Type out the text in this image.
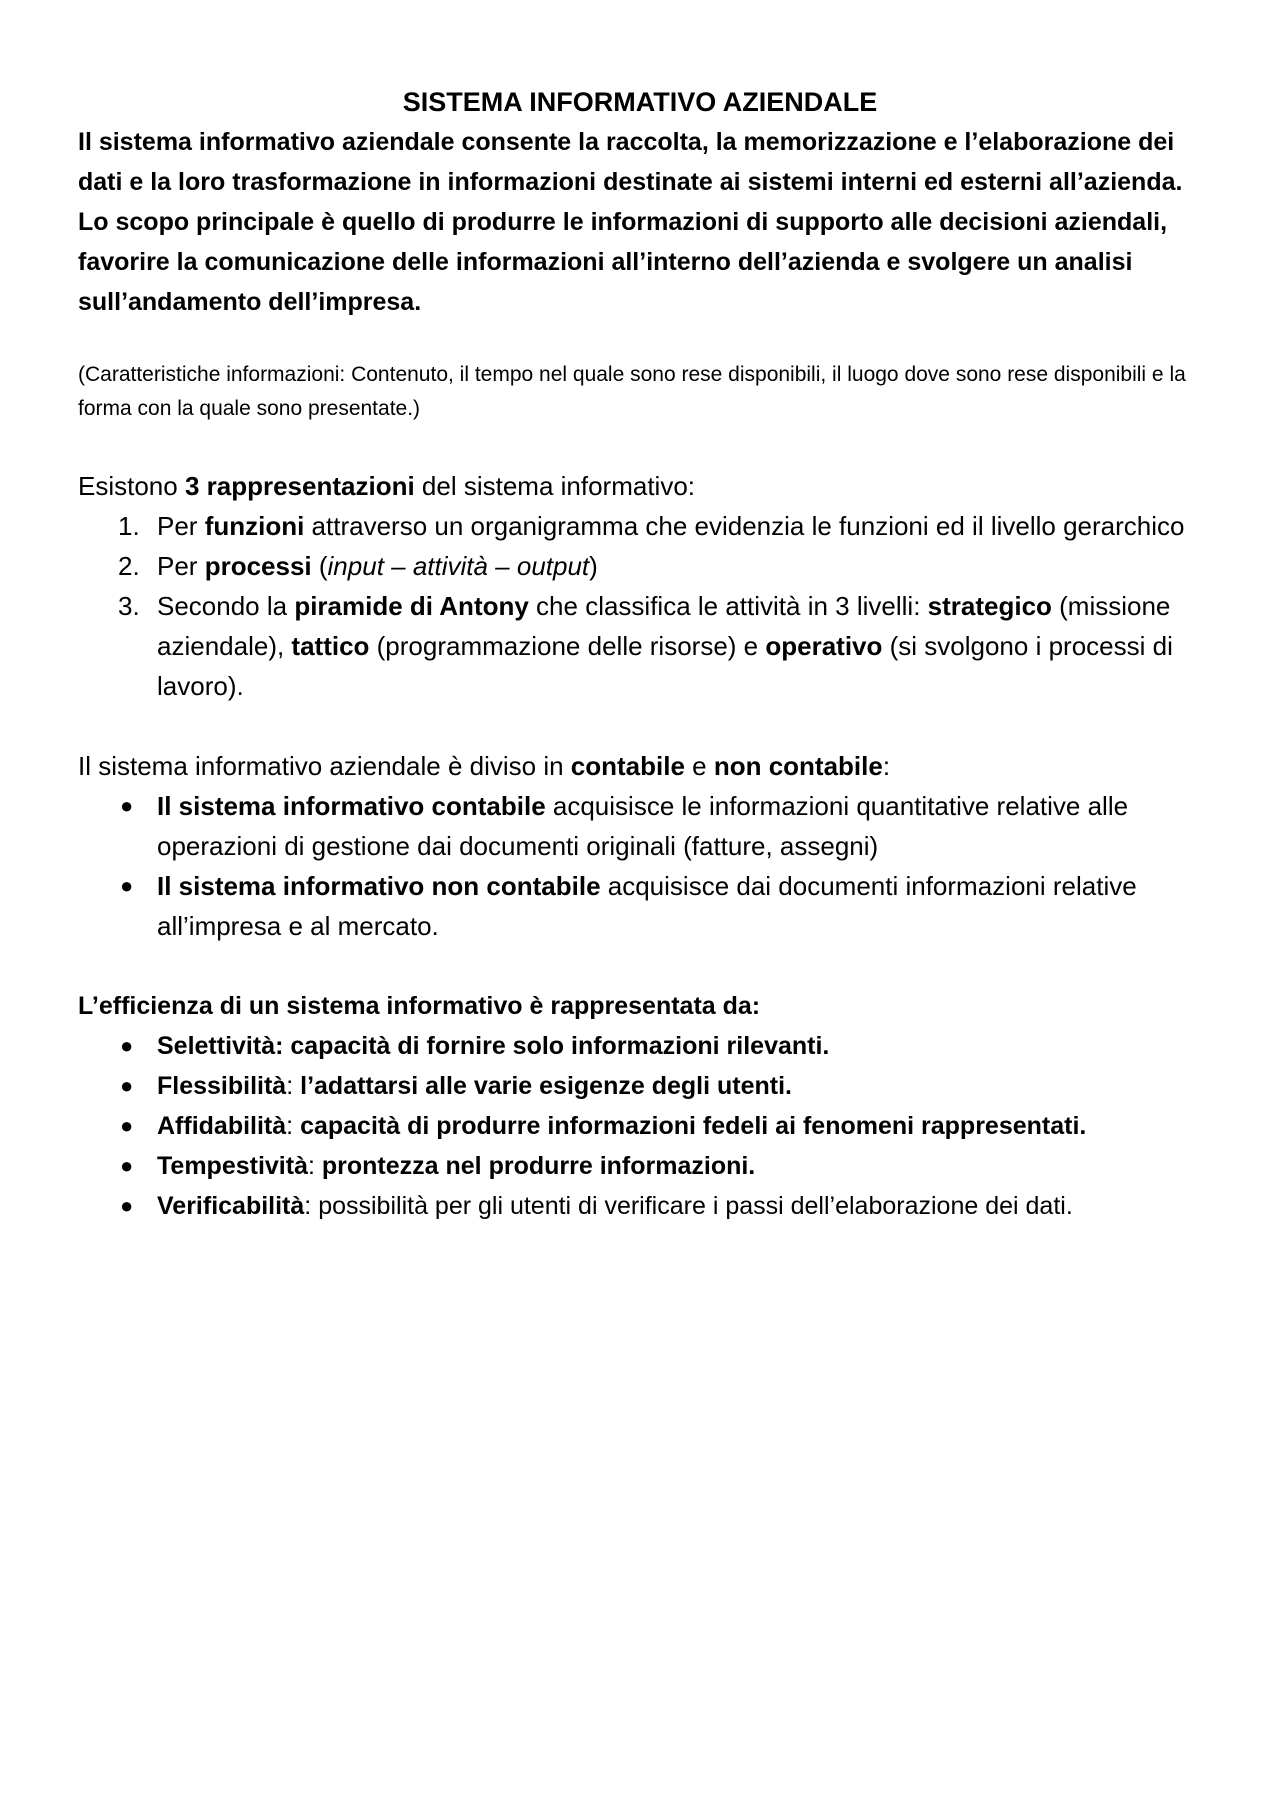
SISTEMA INFORMATIVO AZIENDALE

Il sistema informativo aziendale consente la raccolta, la memorizzazione e l’elaborazione dei dati e la loro trasformazione in informazioni destinate ai sistemi interni ed esterni all’azienda.

Lo scopo principale è quello di produrre le informazioni di supporto alle decisioni aziendali, favorire la comunicazione delle informazioni all’interno dell’azienda e svolgere un analisi sull’andamento dell’impresa.

(Caratteristiche informazioni: Contenuto, il tempo nel quale sono rese disponibili, il luogo dove sono rese disponibili e la forma con la quale sono presentate.)

Esistono 3 rappresentazioni del sistema informativo:

1. Per funzioni attraverso un organigramma che evidenzia le funzioni ed il livello gerarchico
2. Per processi (input – attività – output)
3. Secondo la piramide di Antony che classifica le attività in 3 livelli: strategico (missione aziendale), tattico (programmazione delle risorse) e operativo (si svolgono i processi di lavoro).

Il sistema informativo aziendale è diviso in contabile e non contabile:

● Il sistema informativo contabile acquisisce le informazioni quantitative relative alle operazioni di gestione dai documenti originali (fatture, assegni)
● Il sistema informativo non contabile acquisisce dai documenti informazioni relative all’impresa e al mercato.

L’efficienza di un sistema informativo è rappresentata da:

● Selettività: capacità di fornire solo informazioni rilevanti.
● Flessibilità: l’adattarsi alle varie esigenze degli utenti.
● Affidabilità: capacità di produrre informazioni fedeli ai fenomeni rappresentati.
● Tempestività: prontezza nel produrre informazioni.
● Verificabilità: possibilità per gli utenti di verificare i passi dell’elaborazione dei dati.
